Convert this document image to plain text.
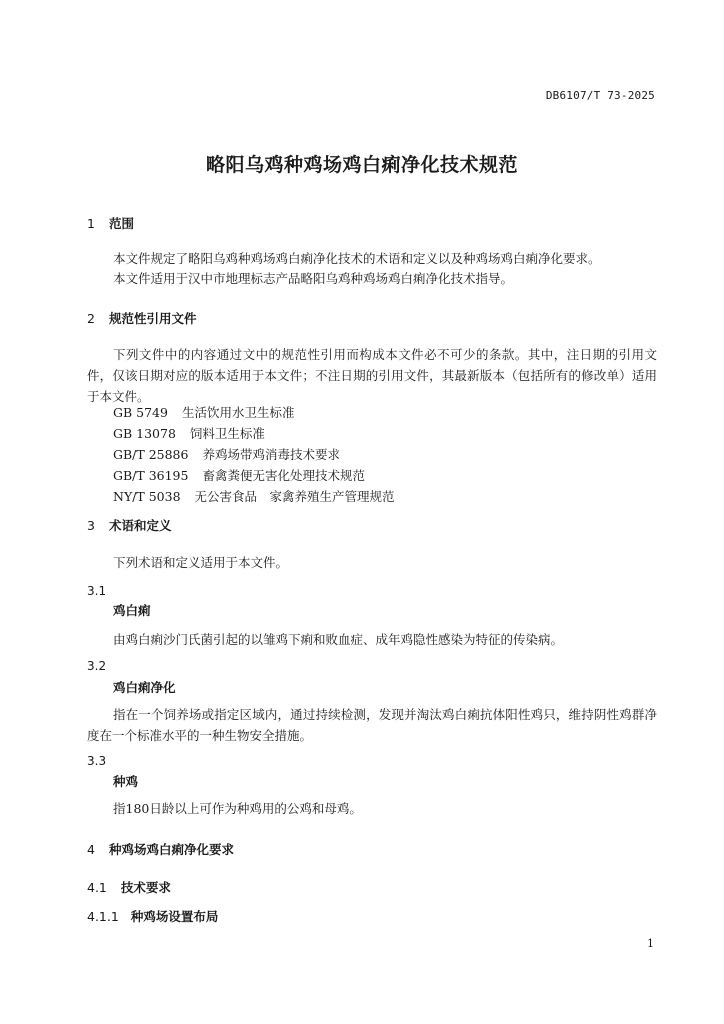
DB6107/T 73-2025
略阳乌鸡种鸡场鸡白痢净化技术规范
1 范围
本文件规定了略阳乌鸡种鸡场鸡白痢净化技术的术语和定义以及种鸡场鸡白痢净化要求。
本文件适用于汉中市地理标志产品略阳乌鸡种鸡场鸡白痢净化技术指导。
2 规范性引用文件
下列文件中的内容通过文中的规范性引用而构成本文件必不可少的条款。其中，注日期的引用文件，仅该日期对应的版本适用于本文件；不注日期的引用文件，其最新版本（包括所有的修改单）适用于本文件。
GB 5749 生活饮用水卫生标准
GB 13078 饲料卫生标准
GB/T 25886 养鸡场带鸡消毒技术要求
GB/T 36195 畜禽粪便无害化处理技术规范
NY/T 5038 无公害食品　家禽养殖生产管理规范
3 术语和定义
下列术语和定义适用于本文件。
3.1
鸡白痢
由鸡白痢沙门氏菌引起的以雏鸡下痢和败血症、成年鸡隐性感染为特征的传染病。
3.2
鸡白痢净化
指在一个饲养场或指定区域内，通过持续检测，发现并淘汰鸡白痢抗体阳性鸡只，维持阴性鸡群净度在一个标准水平的一种生物安全措施。
3.3
种鸡
指180日龄以上可作为种鸡用的公鸡和母鸡。
4 种鸡场鸡白痢净化要求
4.1 技术要求
4.1.1 种鸡场设置布局
1
